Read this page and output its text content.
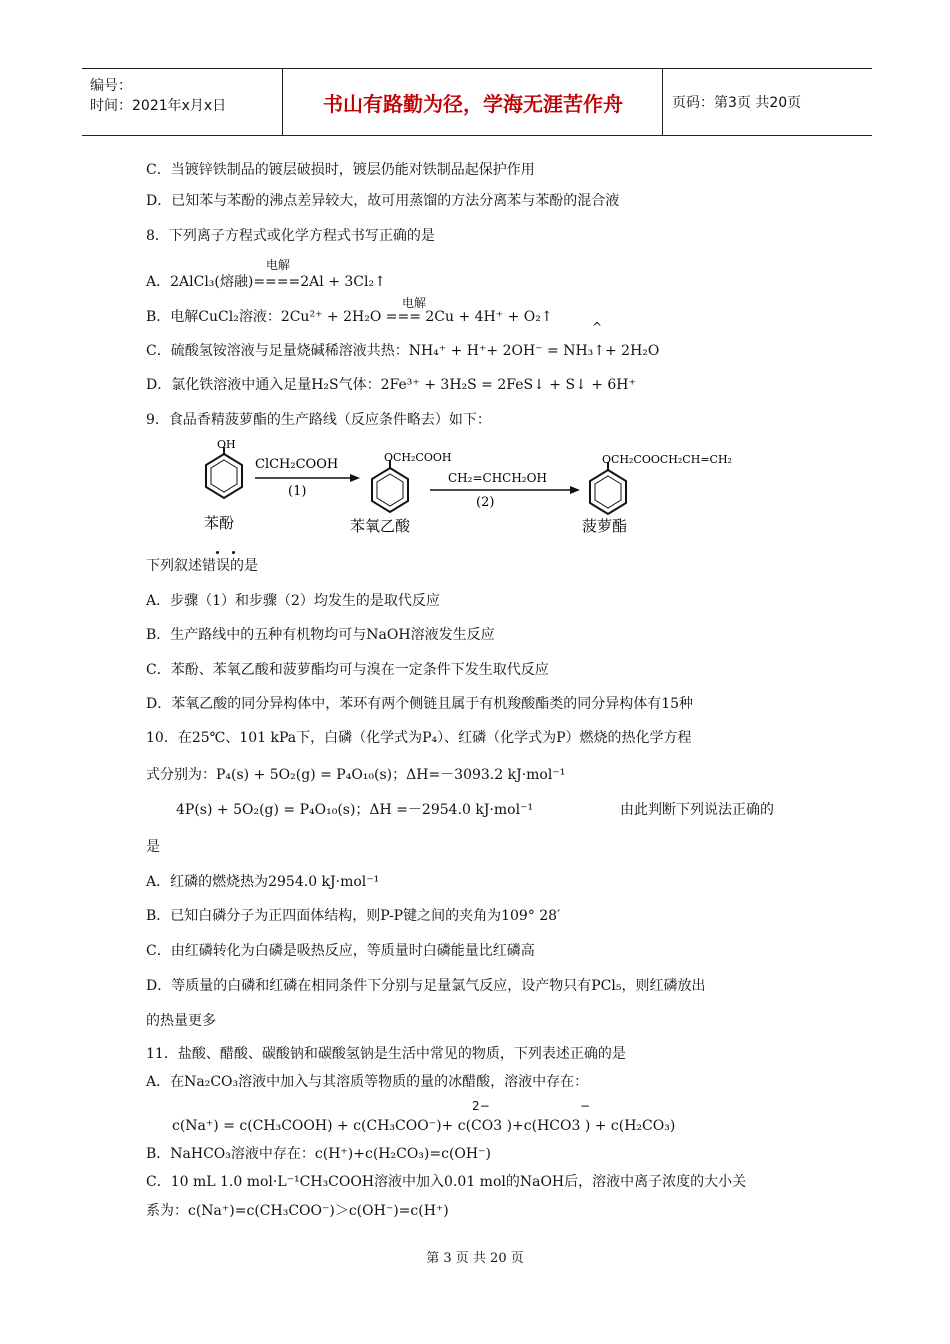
编号：
时间：2021年x月x日	书山有路勤为径，学海无涯苦作舟	页码：第3页 共20页
C．当镀锌铁制品的镀层破损时，镀层仍能对铁制品起保护作用
D．已知苯与苯酚的沸点差异较大，故可用蒸馏的方法分离苯与苯酚的混合液
8．下列离子方程式或化学方程式书写正确的是
电解
A．2AlCl₃(熔融)====2Al + 3Cl₂↑
电解
B．电解CuCl₂溶液：2Cu²⁺ + 2H₂O === 2Cu + 4H⁺ + O₂↑
^
C．硫酸氢铵溶液与足量烧碱稀溶液共热：NH₄⁺ + H⁺+ 2OH⁻ = NH₃↑+ 2H₂O
D．氯化铁溶液中通入足量H₂S气体：2Fe³⁺ + 3H₂S = 2FeS↓ + S↓ + 6H⁺
9．食品香精菠萝酯的生产路线（反应条件略去）如下：
OH
ClCH₂COOH
(1)
OCH₂COOH
CH₂=CHCH₂OH
(2)
OCH₂COOCH₂CH=CH₂
苯酚	苯氧乙酸	菠萝酯
下列叙述错误的是
A．步骤（1）和步骤（2）均发生的是取代反应
B．生产路线中的五种有机物均可与NaOH溶液发生反应
C．苯酚、苯氧乙酸和菠萝酯均可与溴在一定条件下发生取代反应
D．苯氧乙酸的同分异构体中，苯环有两个侧链且属于有机羧酸酯类的同分异构体有15种
10．在25℃、101 kPa下，白磷（化学式为P₄）、红磷（化学式为P）燃烧的热化学方程
式分别为：P₄(s) + 5O₂(g) = P₄O₁₀(s)；ΔH=－3093.2 kJ·mol⁻¹
4P(s) + 5O₂(g) = P₄O₁₀(s)；ΔH =－2954.0 kJ·mol⁻¹	由此判断下列说法正确的
是
A．红磷的燃烧热为2954.0 kJ·mol⁻¹
B．已知白磷分子为正四面体结构，则P-P键之间的夹角为109° 28′
C．由红磷转化为白磷是吸热反应，等质量时白磷能量比红磷高
D．等质量的白磷和红磷在相同条件下分别与足量氯气反应，设产物只有PCl₅，则红磷放出
的热量更多
11．盐酸、醋酸、碳酸钠和碳酸氢钠是生活中常见的物质，下列表述正确的是
A．在Na₂CO₃溶液中加入与其溶质等物质的量的冰醋酸，溶液中存在：
2−	−
c(Na⁺) = c(CH₃COOH) + c(CH₃COO⁻)+ c(CO3 )+c(HCO3 ) + c(H₂CO₃)
B．NaHCO₃溶液中存在：c(H⁺)+c(H₂CO₃)=c(OH⁻)
C．10 mL 1.0 mol·L⁻¹CH₃COOH溶液中加入0.01 mol的NaOH后，溶液中离子浓度的大小关
系为：c(Na⁺)=c(CH₃COO⁻)＞c(OH⁻)=c(H⁺)
第 3 页 共 20 页
